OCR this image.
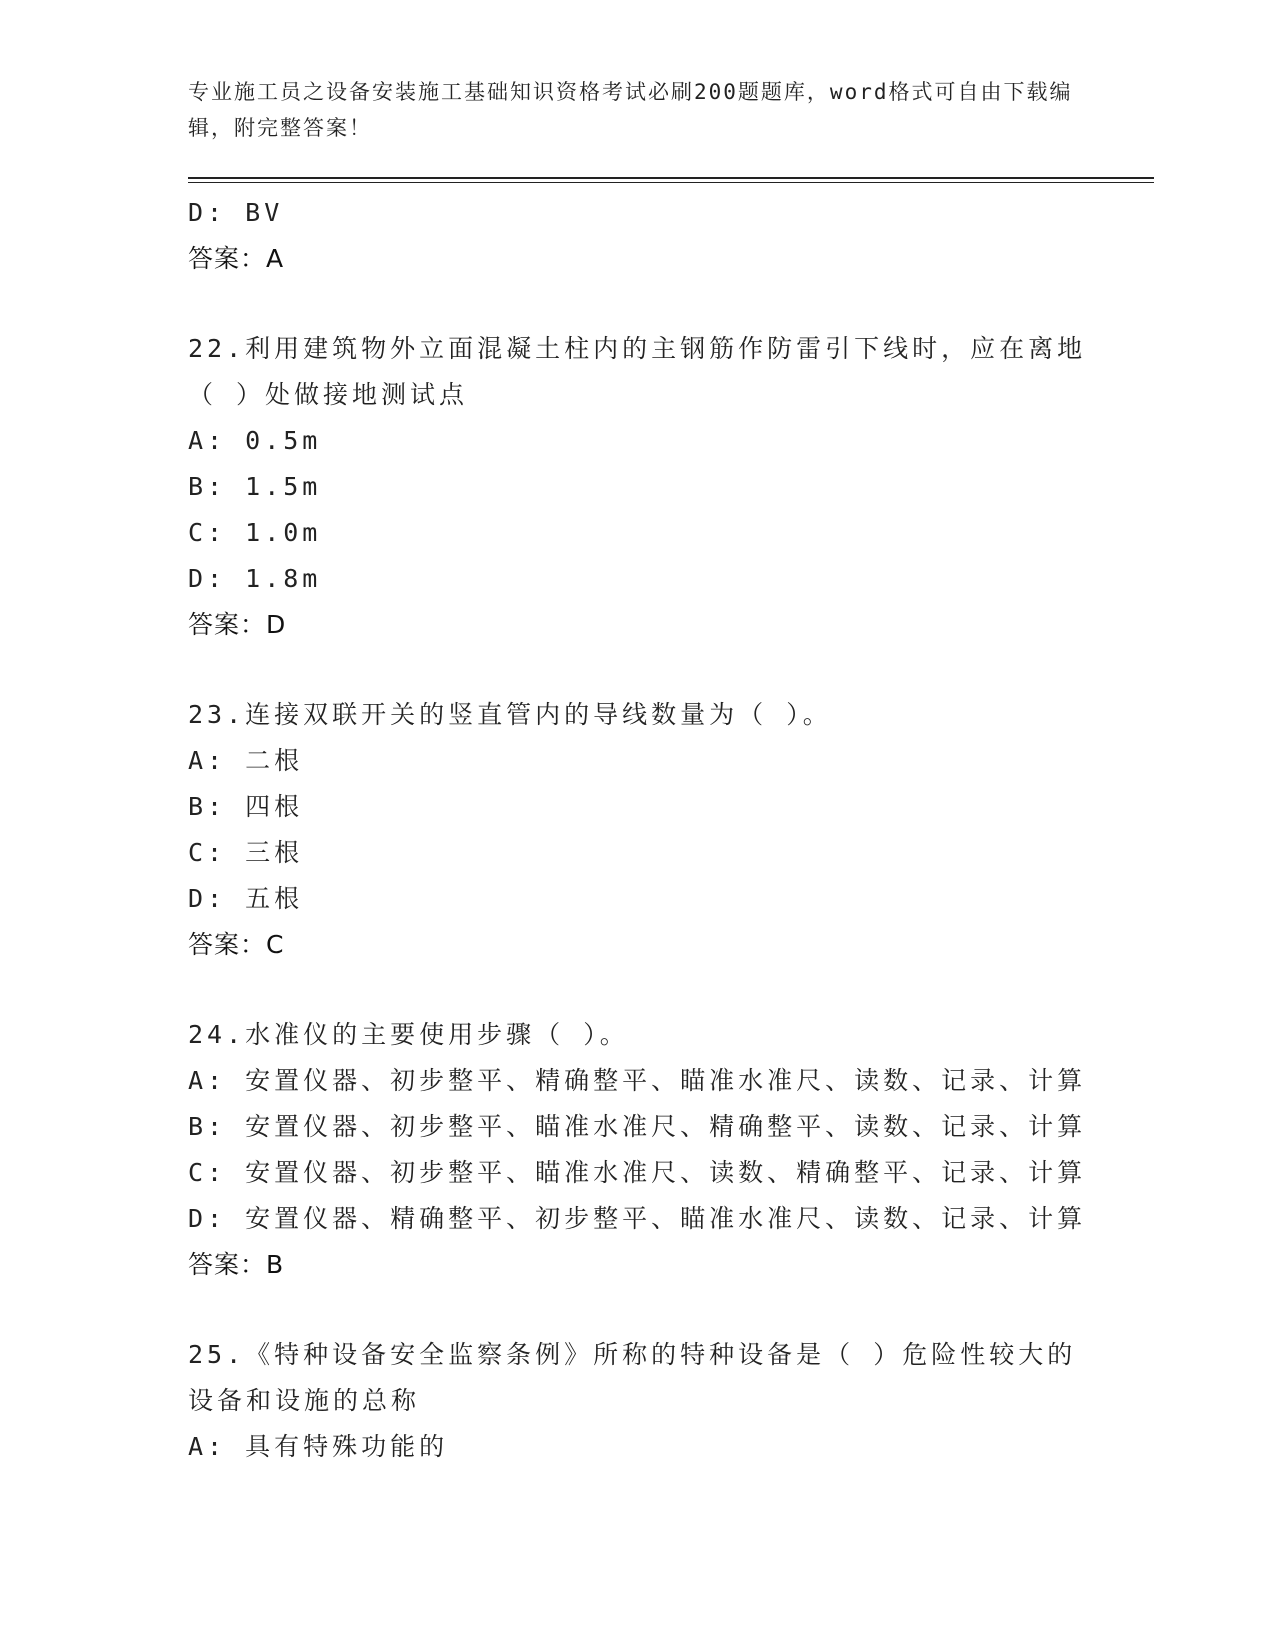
专业施工员之设备安装施工基础知识资格考试必刷200题题库，word格式可自由下载编辑，附完整答案！
D: BV
答案：A
22.利用建筑物外立面混凝土柱内的主钢筋作防雷引下线时，应在离地（ ）处做接地测试点
A: 0.5m
B: 1.5m
C: 1.0m
D: 1.8m
答案：D
23.连接双联开关的竖直管内的导线数量为（ ）。
A: 二根
B: 四根
C: 三根
D: 五根
答案：C
24.水准仪的主要使用步骤（ ）。
A: 安置仪器、初步整平、精确整平、瞄准水准尺、读数、记录、计算
B: 安置仪器、初步整平、瞄准水准尺、精确整平、读数、记录、计算
C: 安置仪器、初步整平、瞄准水准尺、读数、精确整平、记录、计算
D: 安置仪器、精确整平、初步整平、瞄准水准尺、读数、记录、计算
答案：B
25.《特种设备安全监察条例》所称的特种设备是（ ）危险性较大的设备和设施的总称
A: 具有特殊功能的
